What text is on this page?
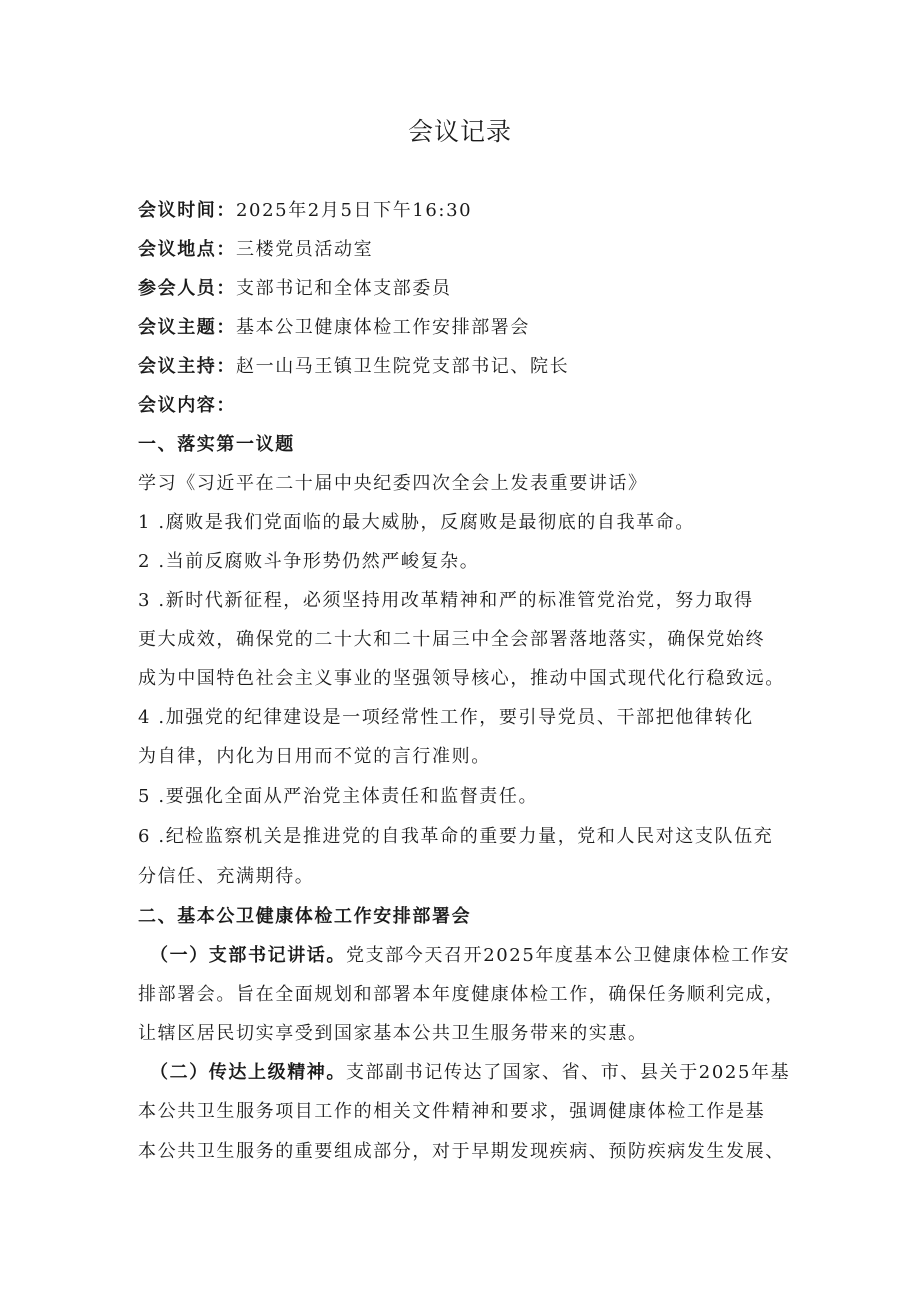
会议记录
会议时间：2025年2月5日下午16:30
会议地点：三楼党员活动室
参会人员：支部书记和全体支部委员
会议主题：基本公卫健康体检工作安排部署会
会议主持：赵一山马王镇卫生院党支部书记、院长
会议内容：
一、落实第一议题
学习《习近平在二十届中央纪委四次全会上发表重要讲话》
1 .腐败是我们党面临的最大威胁，反腐败是最彻底的自我革命。
2 .当前反腐败斗争形势仍然严峻复杂。
3 .新时代新征程，必须坚持用改革精神和严的标准管党治党，努力取得
更大成效，确保党的二十大和二十届三中全会部署落地落实，确保党始终
成为中国特色社会主义事业的坚强领导核心，推动中国式现代化行稳致远。
4 .加强党的纪律建设是一项经常性工作，要引导党员、干部把他律转化
为自律，内化为日用而不觉的言行准则。
5 .要强化全面从严治党主体责任和监督责任。
6 .纪检监察机关是推进党的自我革命的重要力量，党和人民对这支队伍充
分信任、充满期待。
二、基本公卫健康体检工作安排部署会
（一）支部书记讲话。党支部今天召开2025年度基本公卫健康体检工作安
排部署会。旨在全面规划和部署本年度健康体检工作，确保任务顺利完成，
让辖区居民切实享受到国家基本公共卫生服务带来的实惠。
（二）传达上级精神。支部副书记传达了国家、省、市、县关于2025年基
本公共卫生服务项目工作的相关文件精神和要求，强调健康体检工作是基
本公共卫生服务的重要组成部分，对于早期发现疾病、预防疾病发生发展、
